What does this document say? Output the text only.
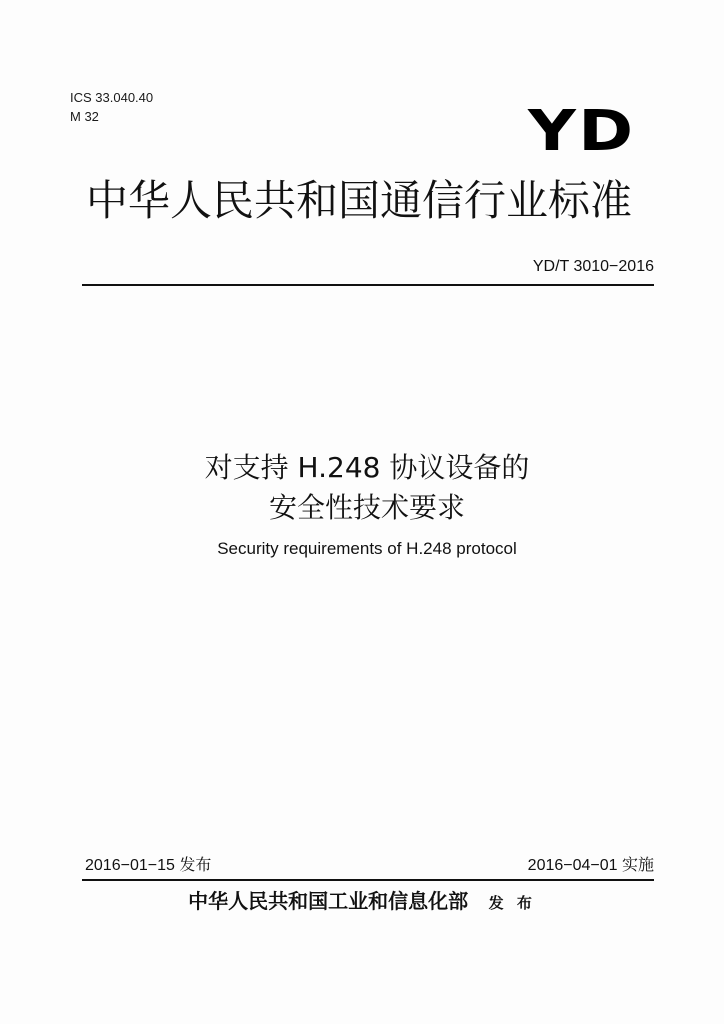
ICS 33.040.40
M 32	YD
中华人民共和国通信行业标准
YD/T 3010−2016
对支持 H.248 协议设备的
安全性技术要求
Security requirements of H.248 protocol
2016−01−15 发布	2016−04−01 实施
中华人民共和国工业和信息化部 发 布
